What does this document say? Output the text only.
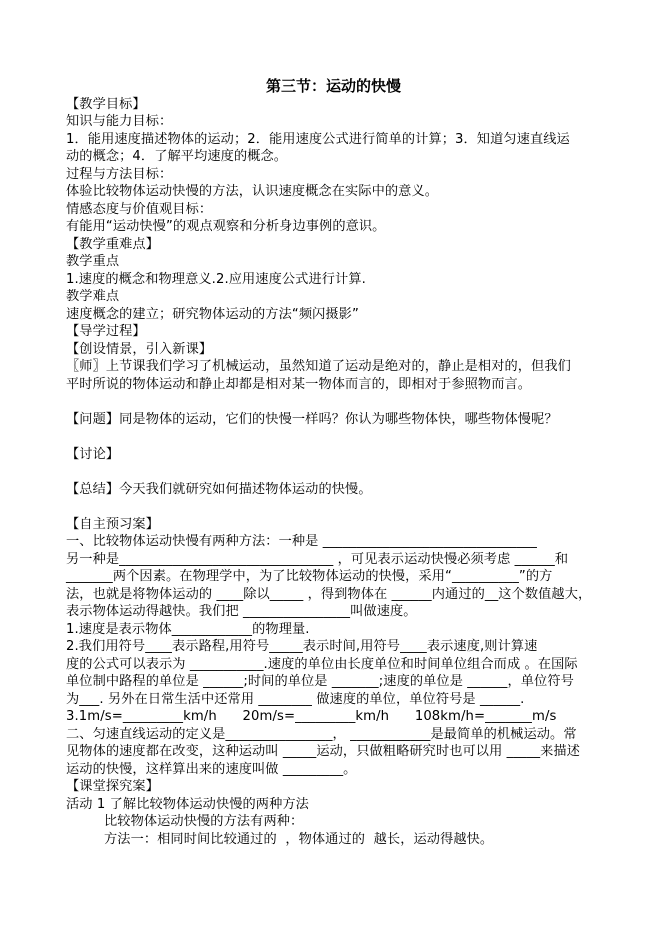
第三节：运动的快慢
【教学目标】
知识与能力目标：
1．能用速度描述物体的运动；2．能用速度公式进行简单的计算；3．知道匀速直线运
动的概念；4．了解平均速度的概念。
过程与方法目标：
体验比较物体运动快慢的方法，认识速度概念在实际中的意义。
情感态度与价值观目标：
有能用“运动快慢”的观点观察和分析身边事例的意识。
【教学重难点】
教学重点
1.速度的概念和物理意义.2.应用速度公式进行计算.
教学难点
速度概念的建立；研究物体运动的方法“频闪摄影”
【导学过程】
【创设情景，引入新课】
〖师〗上节课我们学习了机械运动，虽然知道了运动是绝对的，静止是相对的，但我们
平时所说的物体运动和静止却都是相对某一物体而言的，即相对于参照物而言。
【问题】同是物体的运动，它们的快慢一样吗？你认为哪些物体快，哪些物体慢呢？
【讨论】
【总结】今天我们就研究如何描述物体运动的快慢。
【自主预习案】
一、比较物体运动快慢有两种方法：一种是 ________________________________
另一种是________________________________ ，可见表示运动快慢必须考虑 ______和
_______两个因素。在物理学中，为了比较物体运动的快慢，采用“__________”的方
法，也就是将物体运动的 ____除以_____ ，得到物体在 ______内通过的__这个数值越大，
表示物体运动得越快。我们把 ________________叫做速度。
1.速度是表示物体____________的物理量.
2.我们用符号____表示路程,用符号_____表示时间,用符号____表示速度,则计算速
度的公式可以表示为 ___________.速度的单位由长度单位和时间单位组合而成 。在国际
单位制中路程的单位是 ______;时间的单位是 _______;速度的单位是 ______，单位符号
为___. 另外在日常生活中还常用 ________ 做速度的单位，单位符号是 ______.
3.1m/s=_________km/h      20m/s=_________km/h      108km/h=_______m/s
二、匀速直线运动的定义是________________， ____________是最简单的机械运动。常
见物体的速度都在改变，这种运动叫 _____运动，只做粗略研究时也可以用 _____来描述
运动的快慢，这样算出来的速度叫做 _________。
【课堂探究案】
活动 1 了解比较物体运动快慢的两种方法
比较物体运动快慢的方法有两种：
方法一：相同时间比较通过的  ，物体通过的  越长，运动得越快。
